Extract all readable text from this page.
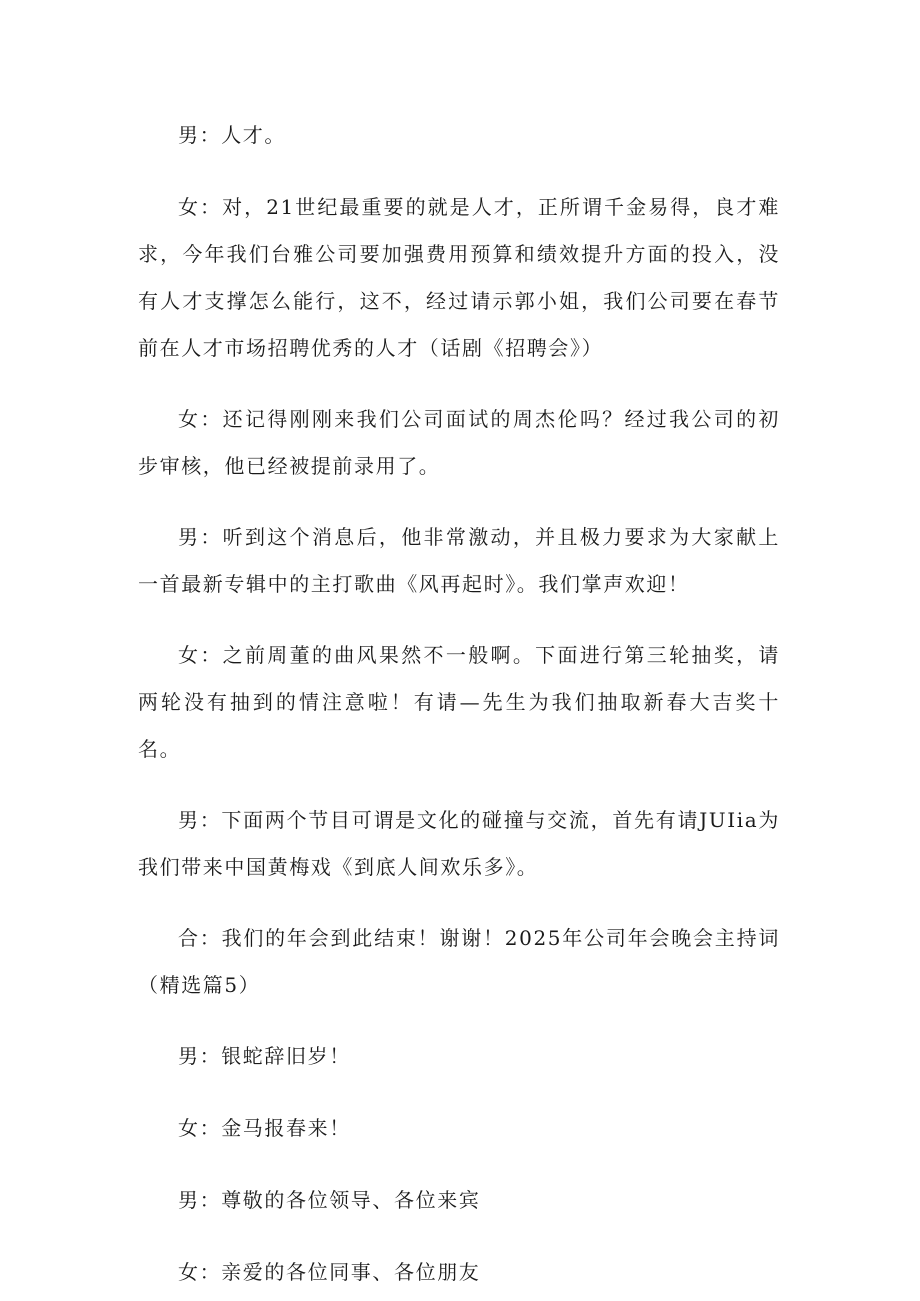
男：人才。

女：对，21世纪最重要的就是人才，正所谓千金易得，良才难求，今年我们台雅公司要加强费用预算和绩效提升方面的投入，没有人才支撑怎么能行，这不，经过请示郭小姐，我们公司要在春节前在人才市场招聘优秀的人才（话剧《招聘会》）

女：还记得刚刚来我们公司面试的周杰伦吗？经过我公司的初步审核，他已经被提前录用了。

男：听到这个消息后，他非常激动，并且极力要求为大家献上一首最新专辑中的主打歌曲《风再起时》。我们掌声欢迎！

女：之前周董的曲风果然不一般啊。下面进行第三轮抽奖，请两轮没有抽到的情注意啦！有请—先生为我们抽取新春大吉奖十名。

男：下面两个节目可谓是文化的碰撞与交流，首先有请JUIia为我们带来中国黄梅戏《到底人间欢乐多》。

合：我们的年会到此结束！谢谢！2025年公司年会晚会主持词（精选篇5）

男：银蛇辞旧岁！

女：金马报春来！

男：尊敬的各位领导、各位来宾

女：亲爱的各位同事、各位朋友
